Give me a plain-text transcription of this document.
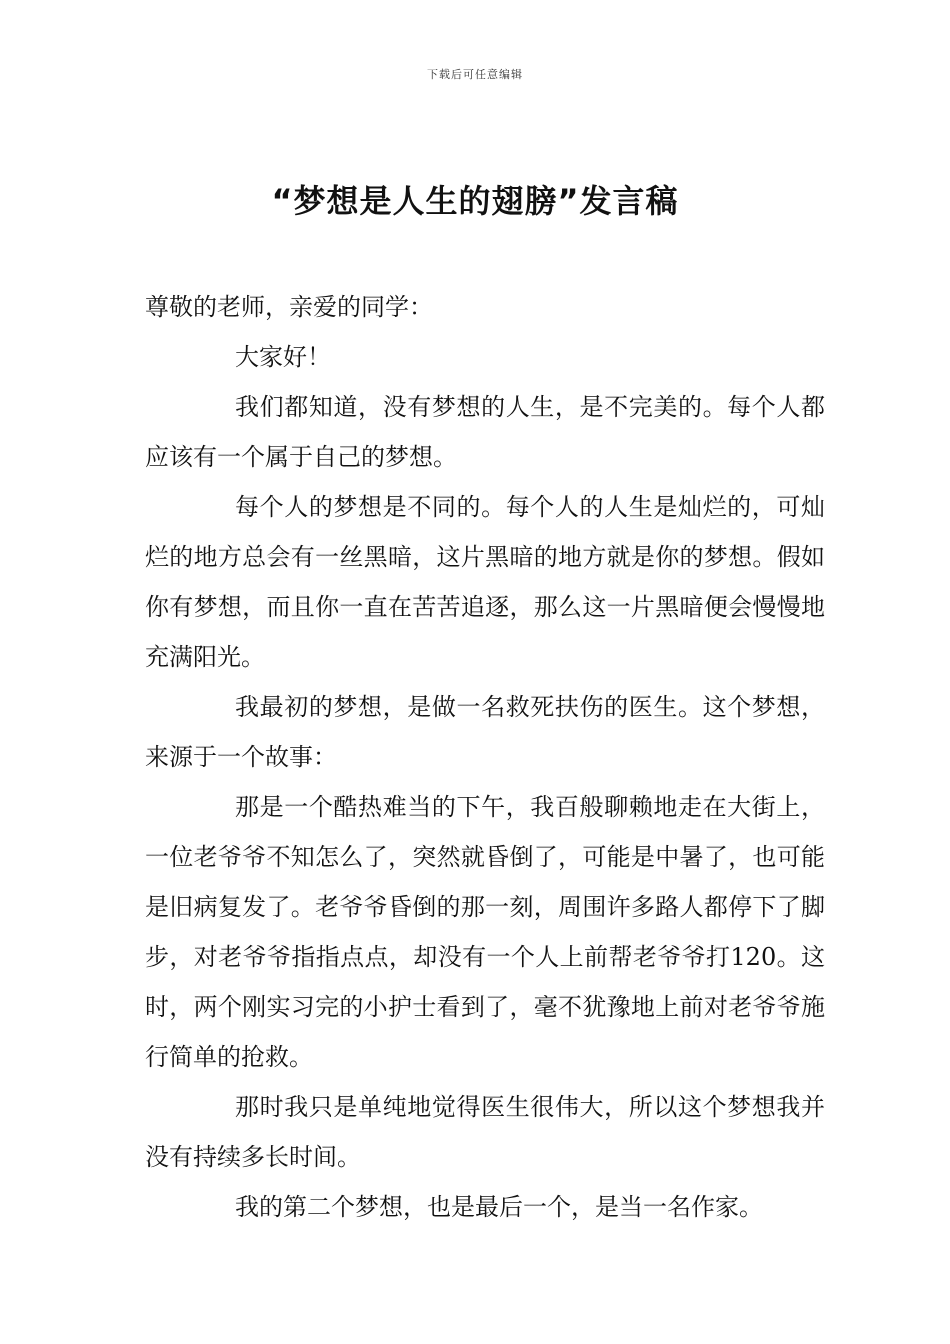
下载后可任意编辑
“梦想是人生的翅膀”发言稿

尊敬的老师，亲爱的同学：

大家好！

我们都知道，没有梦想的人生，是不完美的。每个人都应该有一个属于自己的梦想。

每个人的梦想是不同的。每个人的人生是灿烂的，可灿烂的地方总会有一丝黑暗，这片黑暗的地方就是你的梦想。假如你有梦想，而且你一直在苦苦追逐，那么这一片黑暗便会慢慢地充满阳光。

我最初的梦想，是做一名救死扶伤的医生。这个梦想，来源于一个故事：

那是一个酷热难当的下午，我百般聊赖地走在大街上，一位老爷爷不知怎么了，突然就昏倒了，可能是中暑了，也可能是旧病复发了。老爷爷昏倒的那一刻，周围许多路人都停下了脚步，对老爷爷指指点点，却没有一个人上前帮老爷爷打120。这时，两个刚实习完的小护士看到了，毫不犹豫地上前对老爷爷施行简单的抢救。

那时我只是单纯地觉得医生很伟大，所以这个梦想我并没有持续多长时间。

我的第二个梦想，也是最后一个，是当一名作家。
